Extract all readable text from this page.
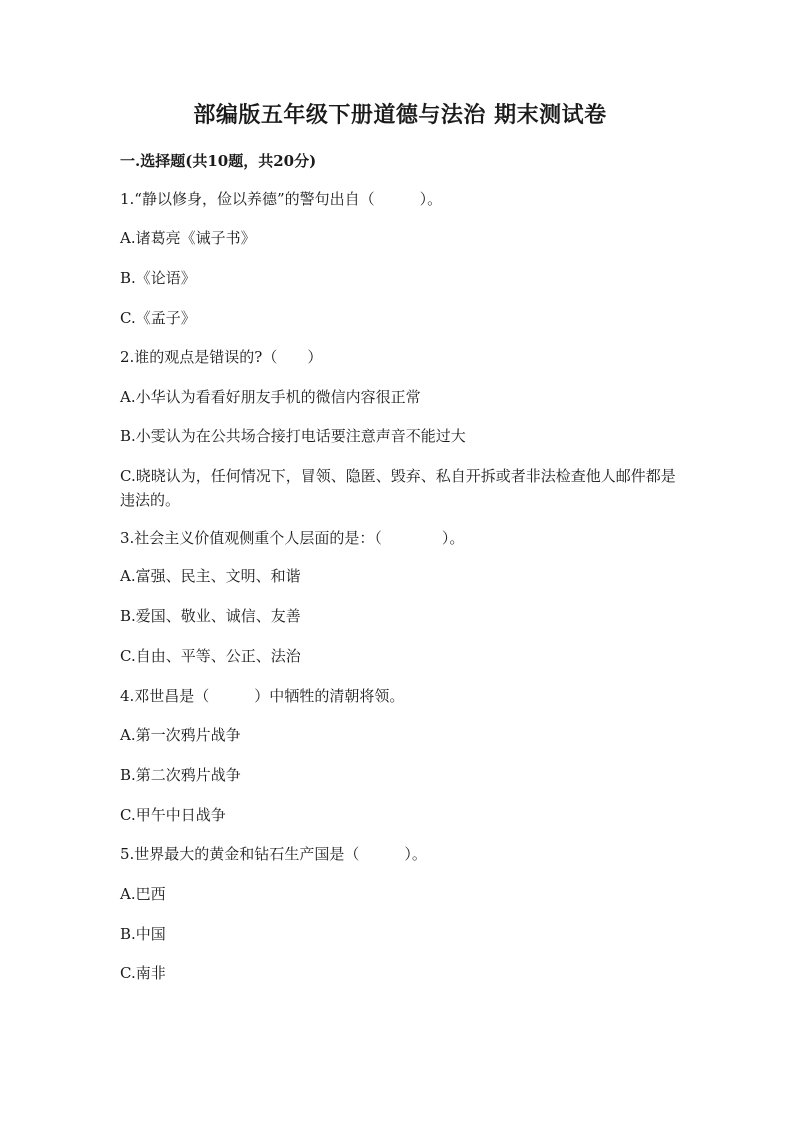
部编版五年级下册道德与法治 期末测试卷
一.选择题(共10题，共20分)
1.“静以修身，俭以养德”的警句出自（　　　）。
A.诸葛亮《诫子书》
B.《论语》
C.《孟子》
2.谁的观点是错误的?（　　）
A.小华认为看看好朋友手机的微信内容很正常
B.小雯认为在公共场合接打电话要注意声音不能过大
C.晓晓认为，任何情况下，冒领、隐匿、毁弃、私自开拆或者非法检查他人邮件都是违法的。
3.社会主义价值观侧重个人层面的是：（　　　　）。
A.富强、民主、文明、和谐
B.爱国、敬业、诚信、友善
C.自由、平等、公正、法治
4.邓世昌是（　　　）中牺牲的清朝将领。
A.第一次鸦片战争
B.第二次鸦片战争
C.甲午中日战争
5.世界最大的黄金和钻石生产国是（　　　）。
A.巴西
B.中国
C.南非
